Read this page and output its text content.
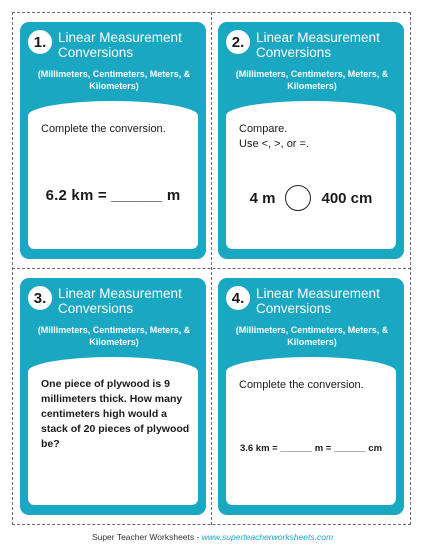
1. Linear Measurement Conversions
(Millimeters, Centimeters, Meters, & Kilometers)
Complete the conversion.
6.2 km = ______ m
2. Linear Measurement Conversions
(Millimeters, Centimeters, Meters, & Kilometers)
Compare.
Use <, >, or =.
4 m	400 cm
3. Linear Measurement Conversions
(Millimeters, Centimeters, Meters, & Kilometers)
One piece of plywood is 9 millimeters thick. How many centimeters high would a stack of 20 pieces of plywood be?
4. Linear Measurement Conversions
(Millimeters, Centimeters, Meters, & Kilometers)
Complete the conversion.
3.6 km = ______ m = ______ cm
Super Teacher Worksheets - www.superteacherworksheets.com
